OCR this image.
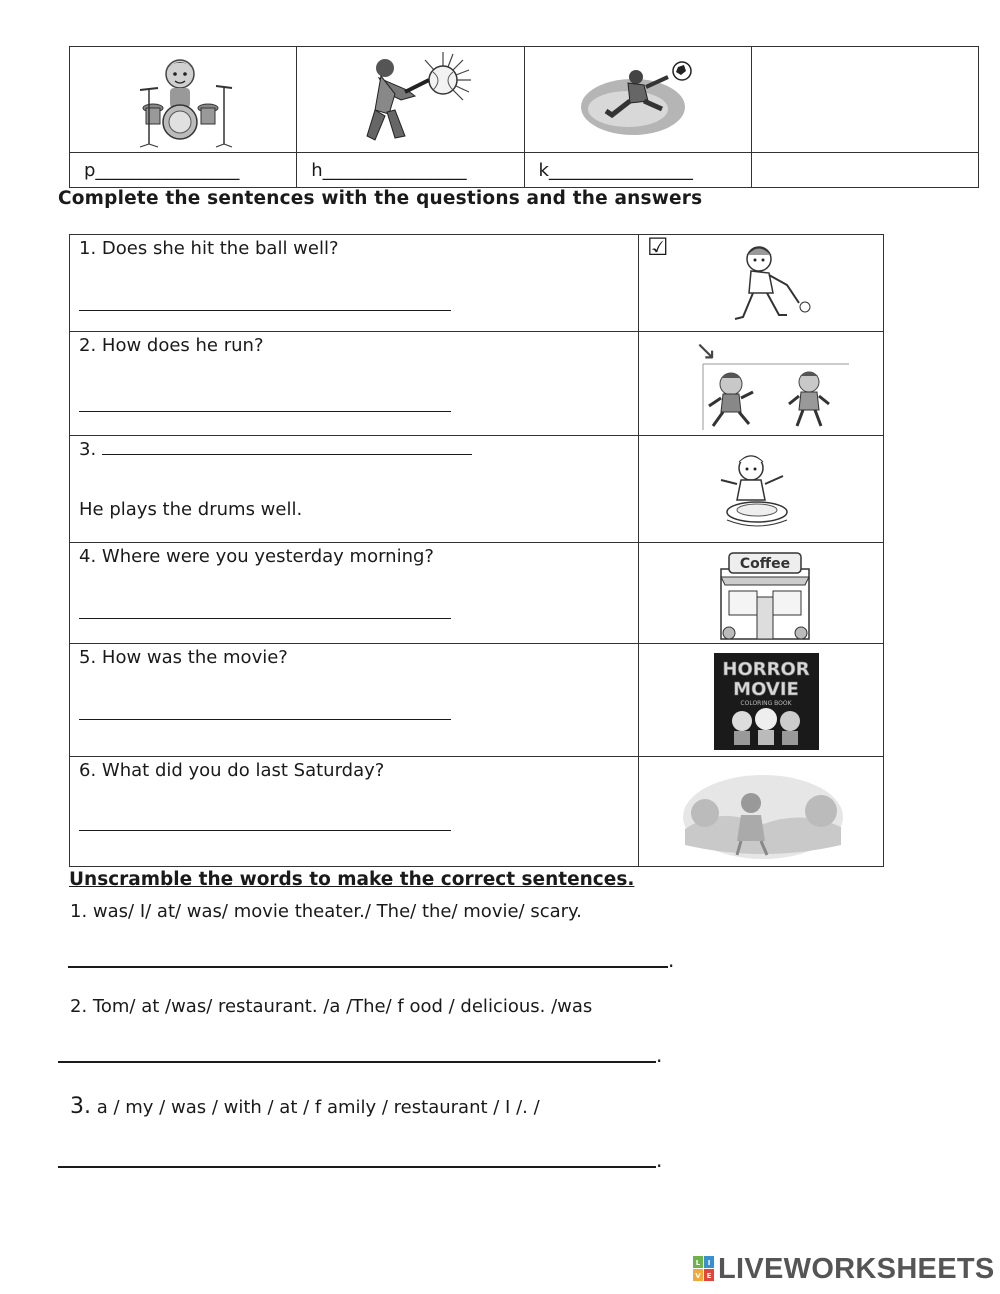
p________________	h________________	k________________	
Complete the sentences with the questions and the answers
1. Does she hit the ball well?	☑

2. How does he run?	↘

3.
He plays the drums well.

4. Where were you yesterday morning?	Coffee

5. How was the movie?	HORROR
MOVIE
COLORING BOOK

6. What did you do last Saturday?

Unscramble the words to make the correct sentences.
1. was/ I/ at/ was/ movie theater./ The/ the/ movie/ scary.
.
2. Tom/ at /was/ restaurant. /a /The/ f ood / delicious. /was
.
3. a / my / was / with / at / f amily / restaurant / I /. /
.
L I
V E LIVEWORKSHEETS
